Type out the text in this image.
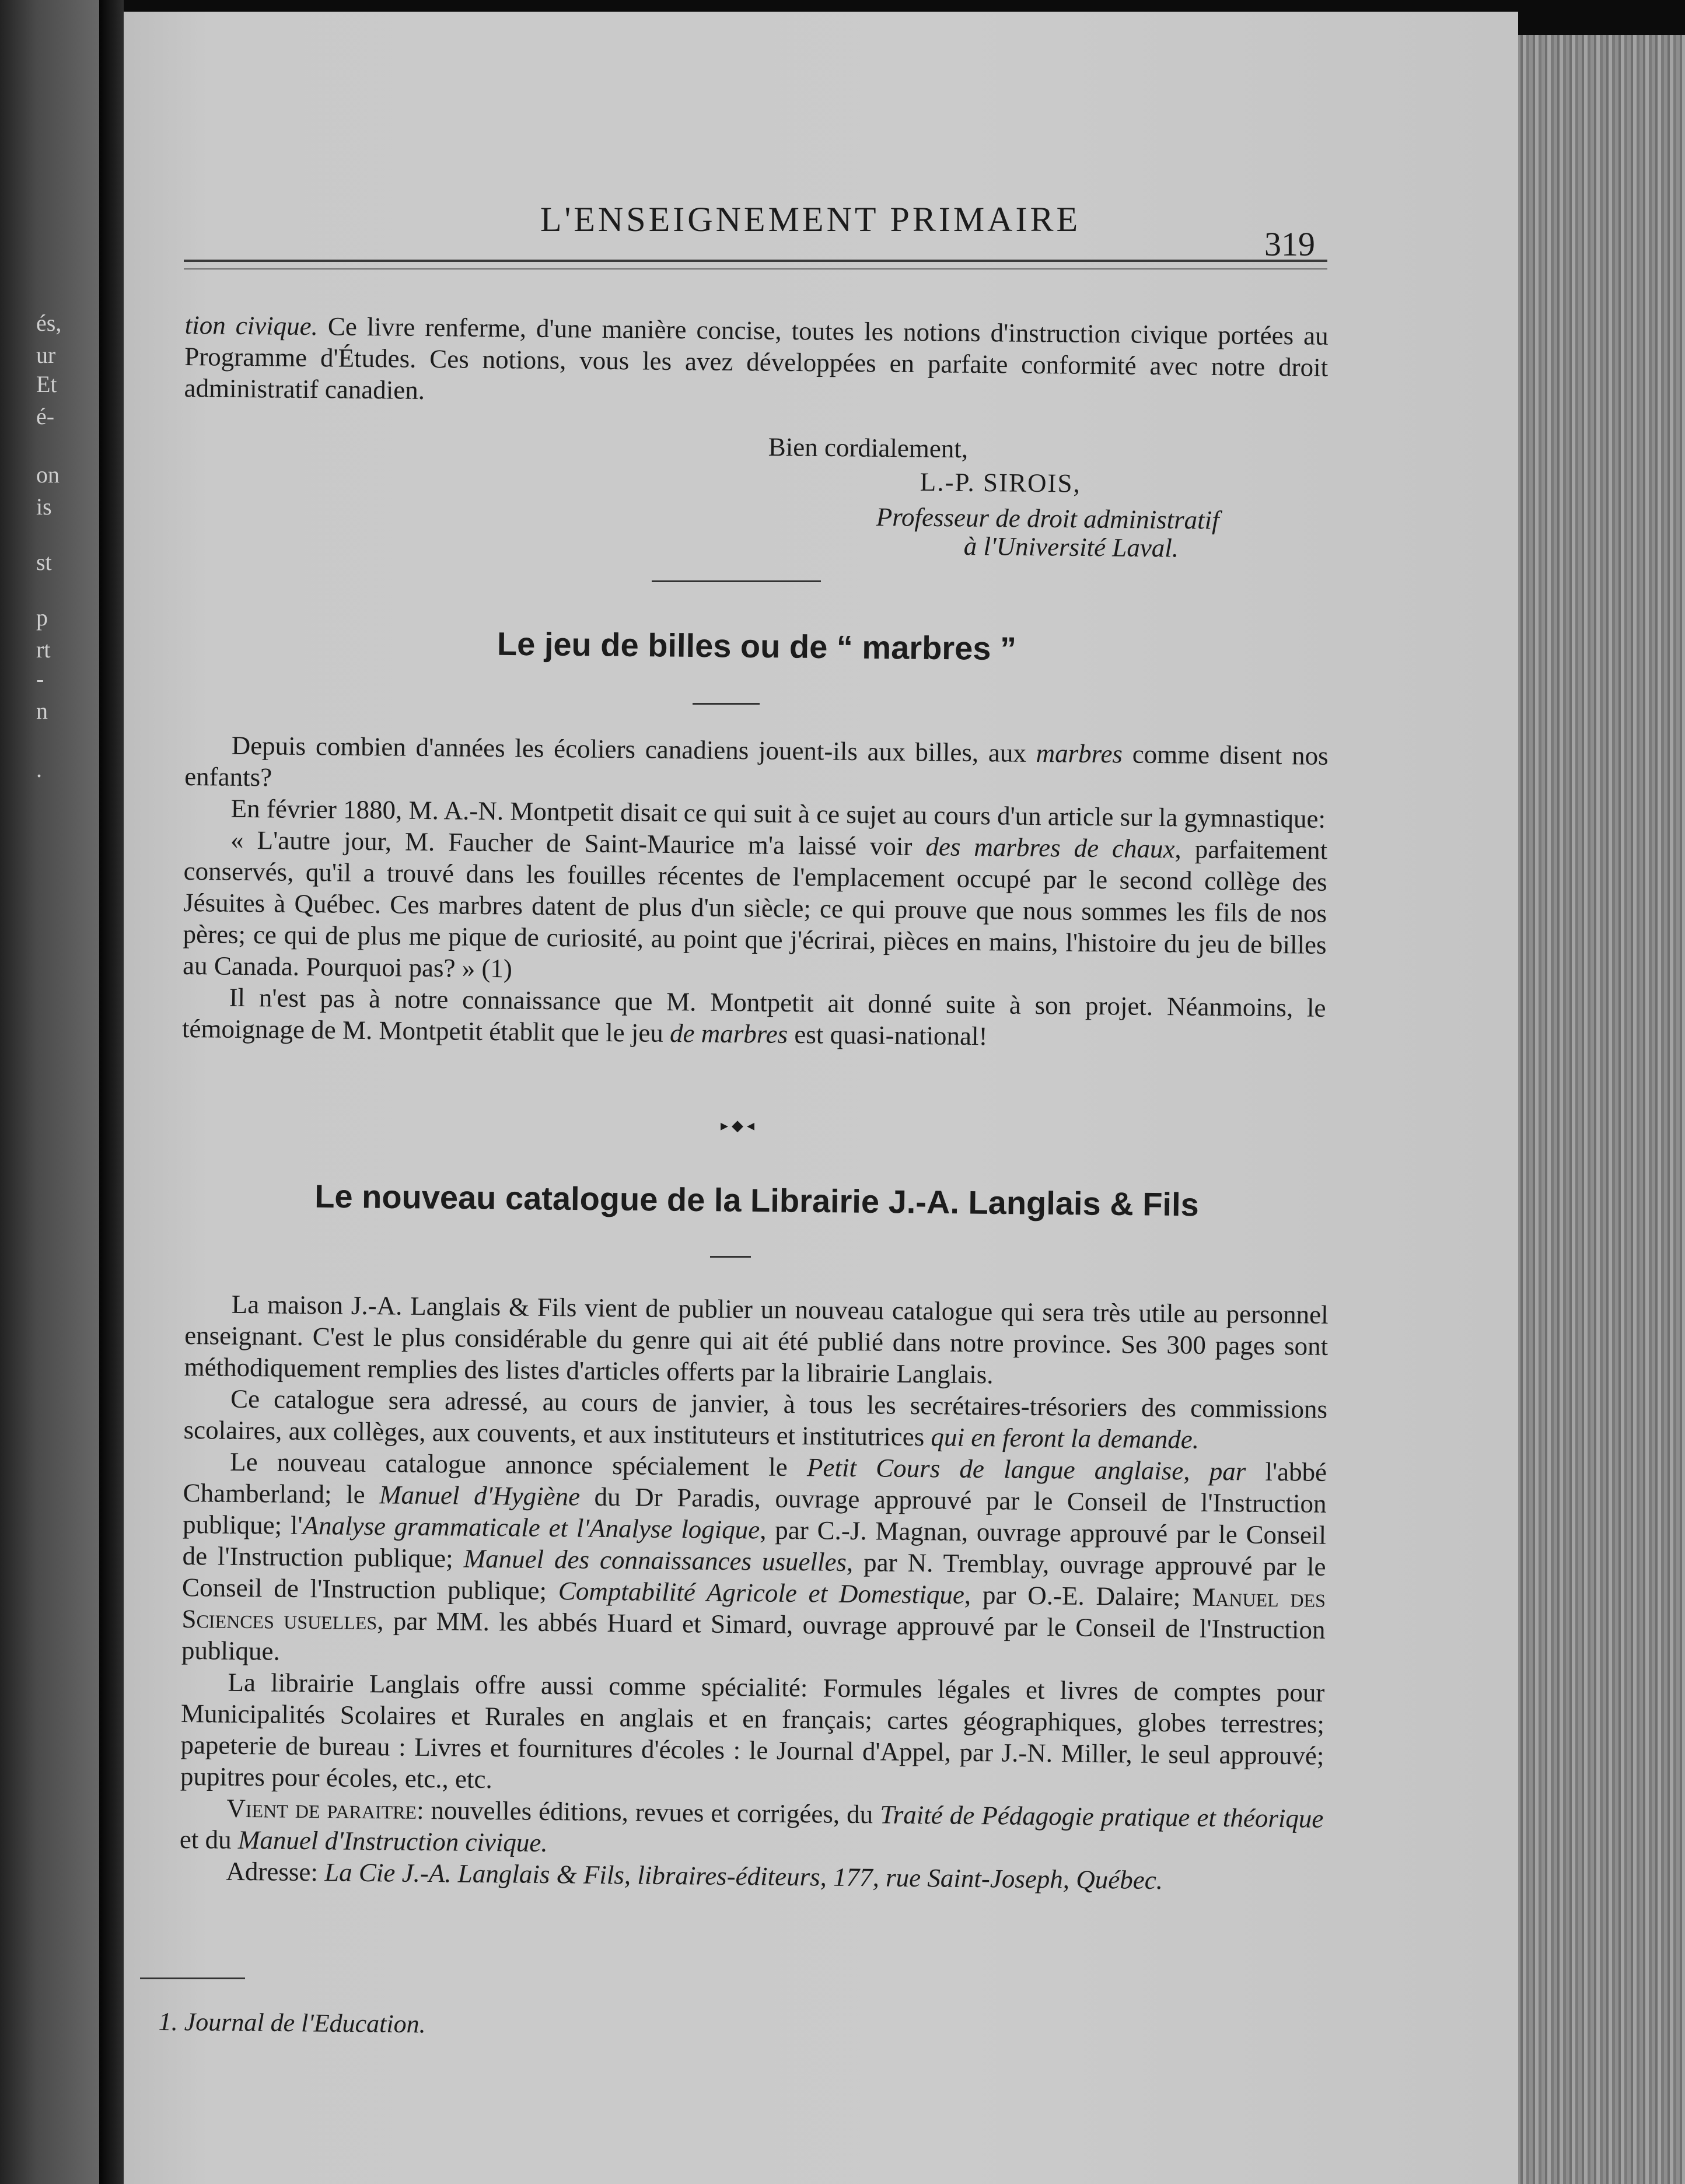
és,
ur
Et
é-
on
is
st
p
rt
-
n
.
L'ENSEIGNEMENT PRIMAIRE
319

tion civique. Ce livre renferme, d'une manière concise, toutes les notions d'instruction civique portées au Programme d'Études. Ces notions, vous les avez développées en parfaite conformité avec notre droit administratif canadien.

Bien cordialement,
L.-P. SIROIS,
Professeur de droit administratif
à l'Université Laval.
Le jeu de billes ou de “ marbres ”

Depuis combien d'années les écoliers canadiens jouent-ils aux billes, aux marbres comme disent nos enfants?

En février 1880, M. A.-N. Montpetit disait ce qui suit à ce sujet au cours d'un article sur la gymnastique:

« L'autre jour, M. Faucher de Saint-Maurice m'a laissé voir des marbres de chaux, parfaitement conservés, qu'il a trouvé dans les fouilles récentes de l'emplacement occupé par le second collège des Jésuites à Québec. Ces marbres datent de plus d'un siècle; ce qui prouve que nous sommes les fils de nos pères; ce qui de plus me pique de curiosité, au point que j'écrirai, pièces en mains, l'histoire du jeu de billes au Canada. Pourquoi pas? » (1)

Il n'est pas à notre connaissance que M. Montpetit ait donné suite à son projet. Néanmoins, le témoignage de M. Montpetit établit que le jeu de marbres est quasi-national!

▸◆◂
Le nouveau catalogue de la Librairie J.-A. Langlais & Fils

La maison J.-A. Langlais & Fils vient de publier un nouveau catalogue qui sera très utile au personnel enseignant. C'est le plus considérable du genre qui ait été publié dans notre province. Ses 300 pages sont méthodiquement remplies des listes d'articles offerts par la librairie Langlais.

Ce catalogue sera adressé, au cours de janvier, à tous les secrétaires-trésoriers des commissions scolaires, aux collèges, aux couvents, et aux instituteurs et institutrices qui en feront la demande.

Le nouveau catalogue annonce spécialement le Petit Cours de langue anglaise, par l'abbé Chamberland; le Manuel d'Hygiène du Dr Paradis, ouvrage approuvé par le Conseil de l'Instruction publique; l'Analyse grammaticale et l'Analyse logique, par C.-J. Magnan, ouvrage approuvé par le Conseil de l'Instruction publique; Manuel des connaissances usuelles, par N. Tremblay, ouvrage approuvé par le Conseil de l'Instruction publique; Comptabilité Agricole et Domestique, par O.-E. Dalaire; Manuel des Sciences usuelles, par MM. les abbés Huard et Simard, ouvrage approuvé par le Conseil de l'Instruction publique.

La librairie Langlais offre aussi comme spécialité: Formules légales et livres de comptes pour Municipalités Scolaires et Rurales en anglais et en français; cartes géographiques, globes terrestres; papeterie de bureau : Livres et fournitures d'écoles : le Journal d'Appel, par J.-N. Miller, le seul approuvé; pupitres pour écoles, etc., etc.

Vient de paraitre: nouvelles éditions, revues et corrigées, du Traité de Pédagogie pratique et théorique et du Manuel d'Instruction civique.

Adresse: La Cie J.-A. Langlais & Fils, libraires-éditeurs, 177, rue Saint-Joseph, Québec.

1. Journal de l'Education.
